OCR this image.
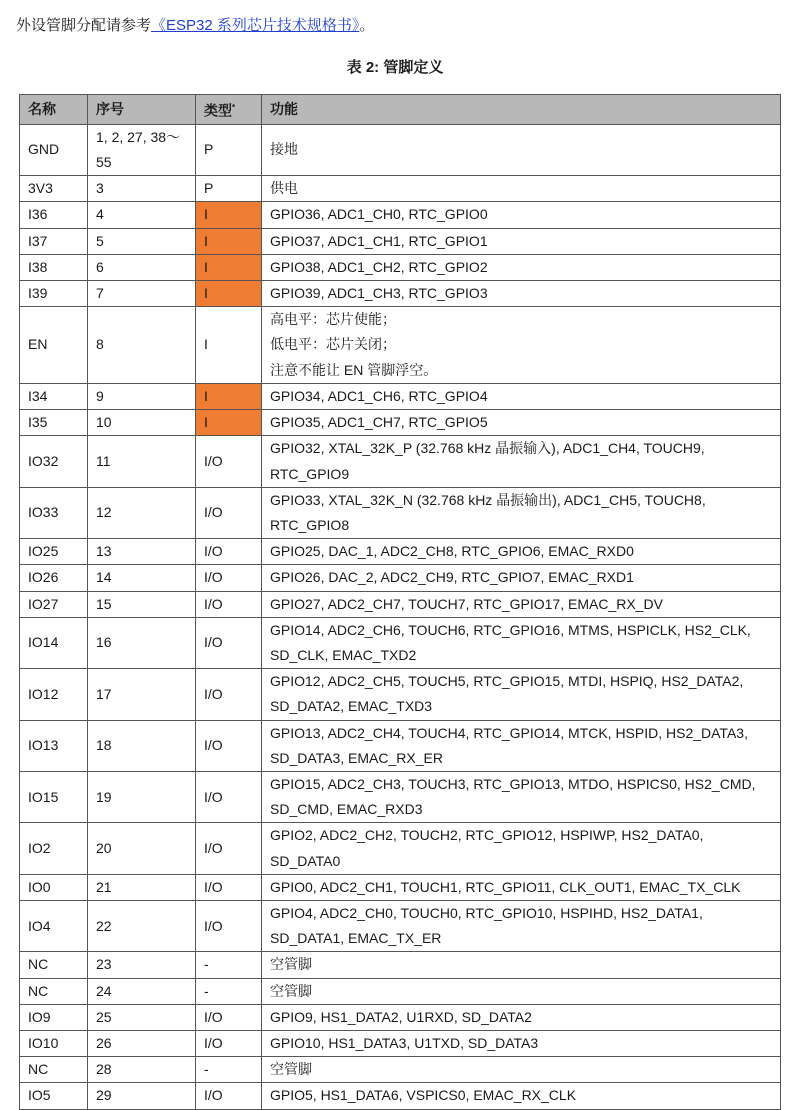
外设管脚分配请参考《ESP32 系列芯片技术规格书》。
表 2: 管脚定义
名称	序号	类型*	功能
GND	1, 2, 27, 38～55	P	接地

3V3	3	P	供电

I36	4	I	GPIO36, ADC1_CH0, RTC_GPIO0

I37	5	I	GPIO37, ADC1_CH1, RTC_GPIO1

I38	6	I	GPIO38, ADC1_CH2, RTC_GPIO2

I39	7	I	GPIO39, ADC1_CH3, RTC_GPIO3

EN	8	I	高电平：芯片使能；
低电平：芯片关闭；
注意不能让 EN 管脚浮空。

I34	9	I	GPIO34, ADC1_CH6, RTC_GPIO4

I35	10	I	GPIO35, ADC1_CH7, RTC_GPIO5

IO32	11	I/O	GPIO32, XTAL_32K_P (32.768 kHz 晶振输入), ADC1_CH4, TOUCH9, RTC_GPIO9

IO33	12	I/O	GPIO33, XTAL_32K_N (32.768 kHz 晶振输出), ADC1_CH5, TOUCH8, RTC_GPIO8

IO25	13	I/O	GPIO25, DAC_1, ADC2_CH8, RTC_GPIO6, EMAC_RXD0

IO26	14	I/O	GPIO26, DAC_2, ADC2_CH9, RTC_GPIO7, EMAC_RXD1

IO27	15	I/O	GPIO27, ADC2_CH7, TOUCH7, RTC_GPIO17, EMAC_RX_DV

IO14	16	I/O	GPIO14, ADC2_CH6, TOUCH6, RTC_GPIO16, MTMS, HSPICLK, HS2_CLK, SD_CLK, EMAC_TXD2

IO12	17	I/O	GPIO12, ADC2_CH5, TOUCH5, RTC_GPIO15, MTDI, HSPIQ, HS2_DATA2, SD_DATA2, EMAC_TXD3

IO13	18	I/O	GPIO13, ADC2_CH4, TOUCH4, RTC_GPIO14, MTCK, HSPID, HS2_DATA3, SD_DATA3, EMAC_RX_ER

IO15	19	I/O	GPIO15, ADC2_CH3, TOUCH3, RTC_GPIO13, MTDO, HSPICS0, HS2_CMD, SD_CMD, EMAC_RXD3

IO2	20	I/O	GPIO2, ADC2_CH2, TOUCH2, RTC_GPIO12, HSPIWP, HS2_DATA0, SD_DATA0

IO0	21	I/O	GPIO0, ADC2_CH1, TOUCH1, RTC_GPIO11, CLK_OUT1, EMAC_TX_CLK

IO4	22	I/O	GPIO4, ADC2_CH0, TOUCH0, RTC_GPIO10, HSPIHD, HS2_DATA1, SD_DATA1, EMAC_TX_ER

NC	23	-	空管脚

NC	24	-	空管脚

IO9	25	I/O	GPIO9, HS1_DATA2, U1RXD, SD_DATA2

IO10	26	I/O	GPIO10, HS1_DATA3, U1TXD, SD_DATA3

NC	28	-	空管脚

IO5	29	I/O	GPIO5, HS1_DATA6, VSPICS0, EMAC_RX_CLK
